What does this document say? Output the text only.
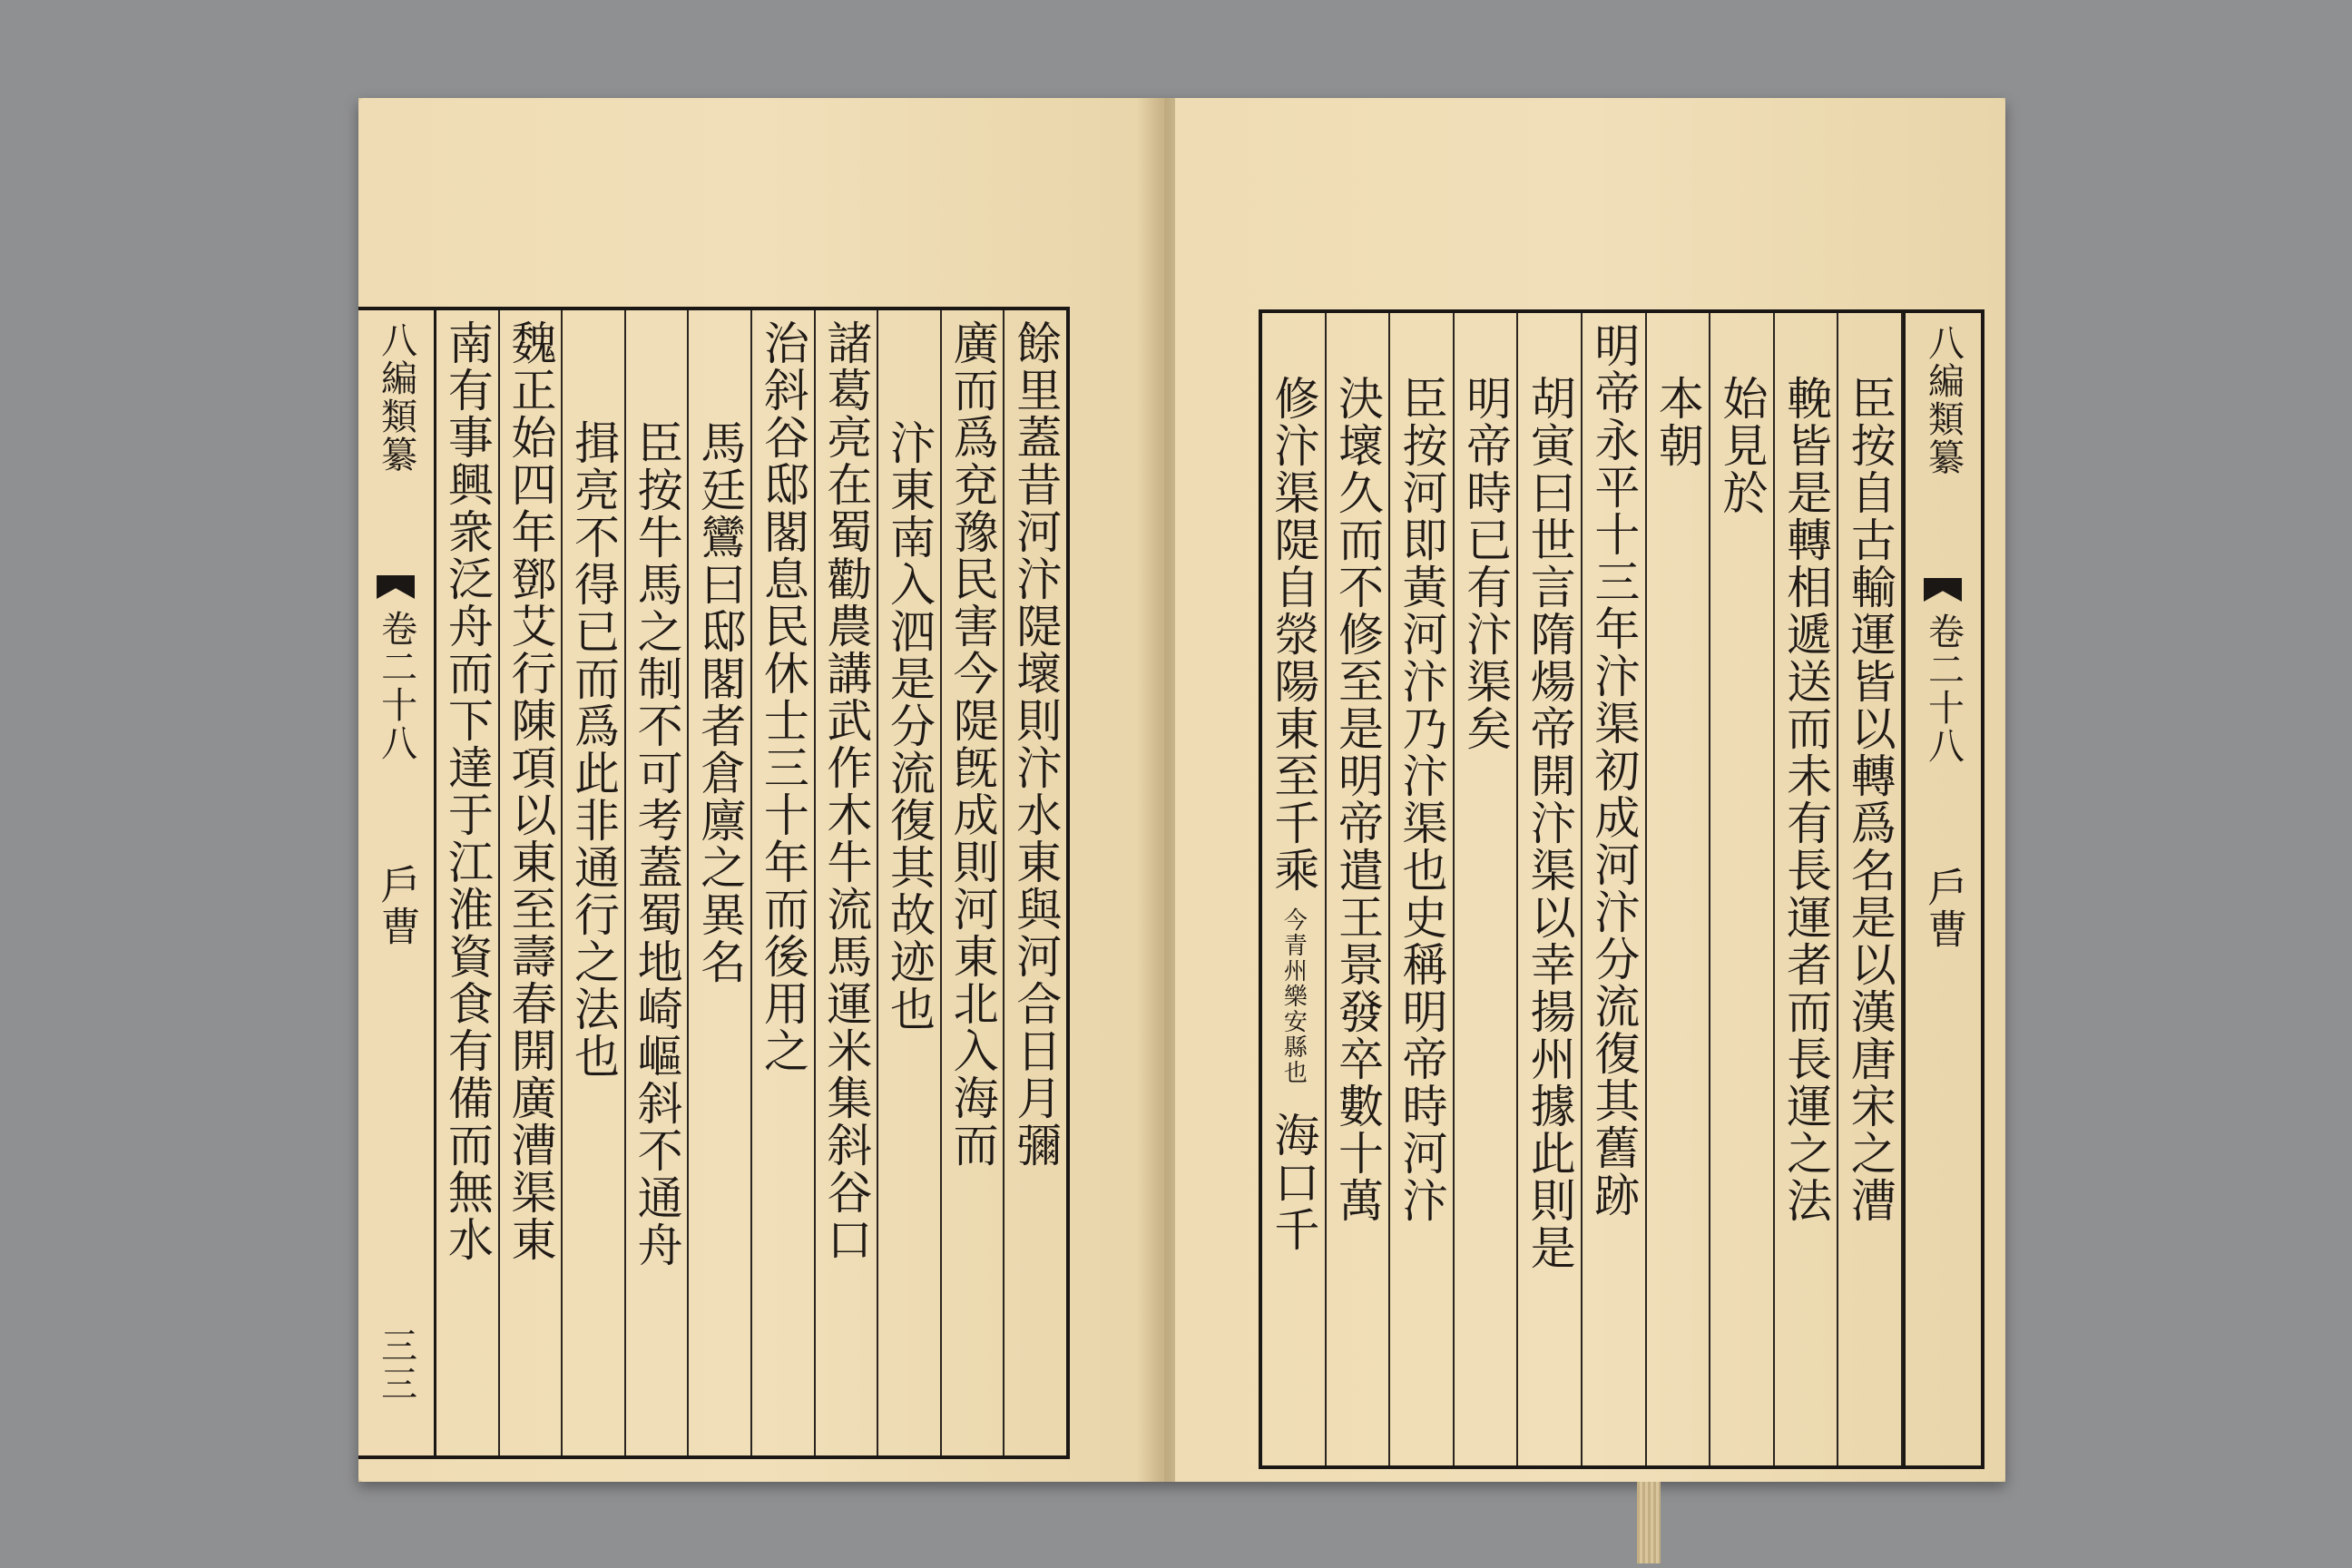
餘里蓋昔河汴隄壞則汴水東與河合日月彌
廣而爲兗豫民害今隄旣成則河東北入海而
汴東南入泗是分流復其故迹也
諸葛亮在蜀勸農講武作木牛流馬運米集斜谷口
治斜谷邸閣息民休士三十年而後用之
馬廷鸞曰邸閣者倉廪之異名
臣按牛馬之制不可考蓋蜀地崎嶇斜不通舟
揖亮不得已而爲此非通行之法也
魏正始四年鄧艾行陳項以東至壽春開廣漕渠東
南有事興衆泛舟而下達于江淮資食有備而無水
八編類纂
卷二十八
戶曹
三三
八編類纂
卷二十八
戶曹
臣按自古輸運皆以轉爲名是以漢唐宋之漕
輓皆是轉相遞送而未有長運者而長運之法
始見於
本朝
明帝永平十三年汴渠初成河汴分流復其舊跡
胡寅曰世言隋煬帝開汴渠以幸揚州據此則是
明帝時已有汴渠矣
臣按河即黃河汴乃汴渠也史稱明帝時河汴
決壞久而不修至是明帝遣王景發卒數十萬
修汴渠隄自滎陽東至千乘
今青州樂安縣也
海口千
